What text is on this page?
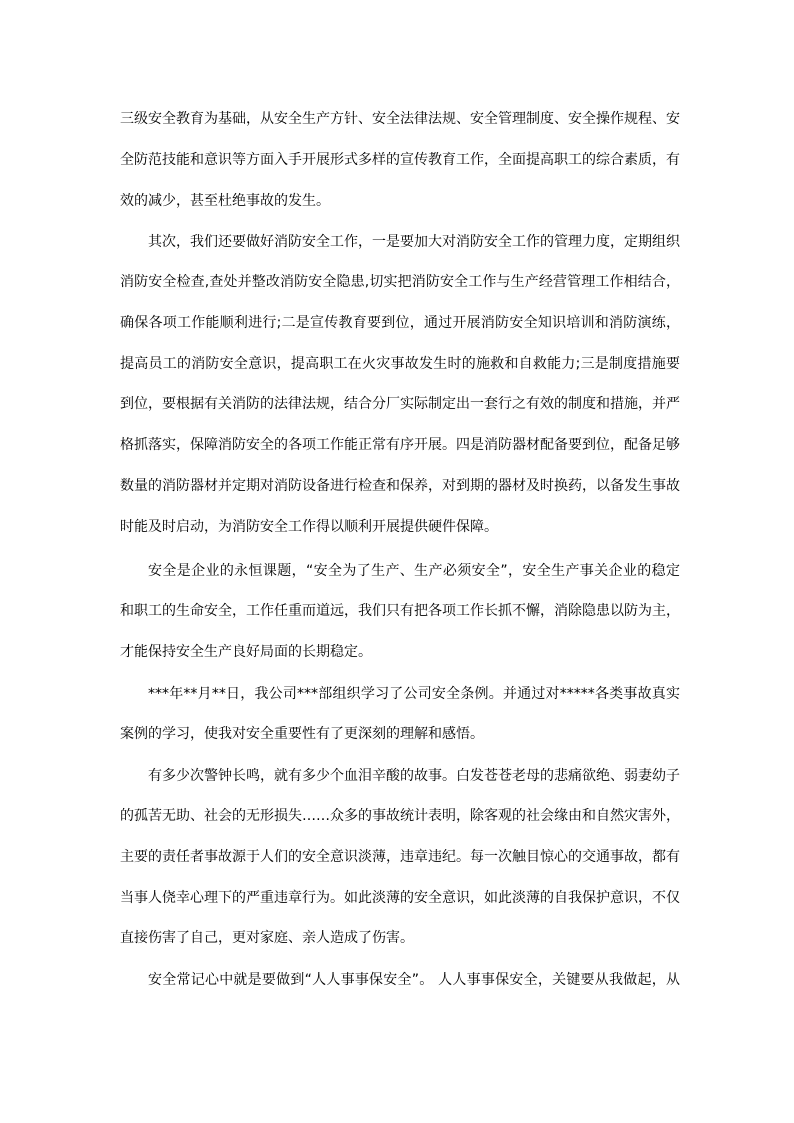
三级安全教育为基础，从安全生产方针、安全法律法规、安全管理制度、安全操作规程、安
全防范技能和意识等方面入手开展形式多样的宣传教育工作，全面提高职工的综合素质，有
效的减少，甚至杜绝事故的发生。
其次，我们还要做好消防安全工作，一是要加大对消防安全工作的管理力度，定期组织
消防安全检查,查处并整改消防安全隐患,切实把消防安全工作与生产经营管理工作相结合，
确保各项工作能顺利进行;二是宣传教育要到位，通过开展消防安全知识培训和消防演练，
提高员工的消防安全意识，提高职工在火灾事故发生时的施救和自救能力;三是制度措施要
到位，要根据有关消防的法律法规，结合分厂实际制定出一套行之有效的制度和措施，并严
格抓落实，保障消防安全的各项工作能正常有序开展。四是消防器材配备要到位，配备足够
数量的消防器材并定期对消防设备进行检查和保养，对到期的器材及时换药，以备发生事故
时能及时启动，为消防安全工作得以顺利开展提供硬件保障。
安全是企业的永恒课题，“安全为了生产、生产必须安全”，安全生产事关企业的稳定
和职工的生命安全，工作任重而道远，我们只有把各项工作长抓不懈，消除隐患以防为主，
才能保持安全生产良好局面的长期稳定。
***年**月**日，我公司***部组织学习了公司安全条例。并通过对*****各类事故真实
案例的学习，使我对安全重要性有了更深刻的理解和感悟。
有多少次警钟长鸣，就有多少个血泪辛酸的故事。白发苍苍老母的悲痛欲绝、弱妻幼子
的孤苦无助、社会的无形损失……众多的事故统计表明，除客观的社会缘由和自然灾害外，
主要的责任者事故源于人们的安全意识淡薄，违章违纪。每一次触目惊心的交通事故，都有
当事人侥幸心理下的严重违章行为。如此淡薄的安全意识，如此淡薄的自我保护意识，不仅
直接伤害了自己，更对家庭、亲人造成了伤害。
安全常记心中就是要做到“人人事事保安全”。 人人事事保安全，关键要从我做起，从
